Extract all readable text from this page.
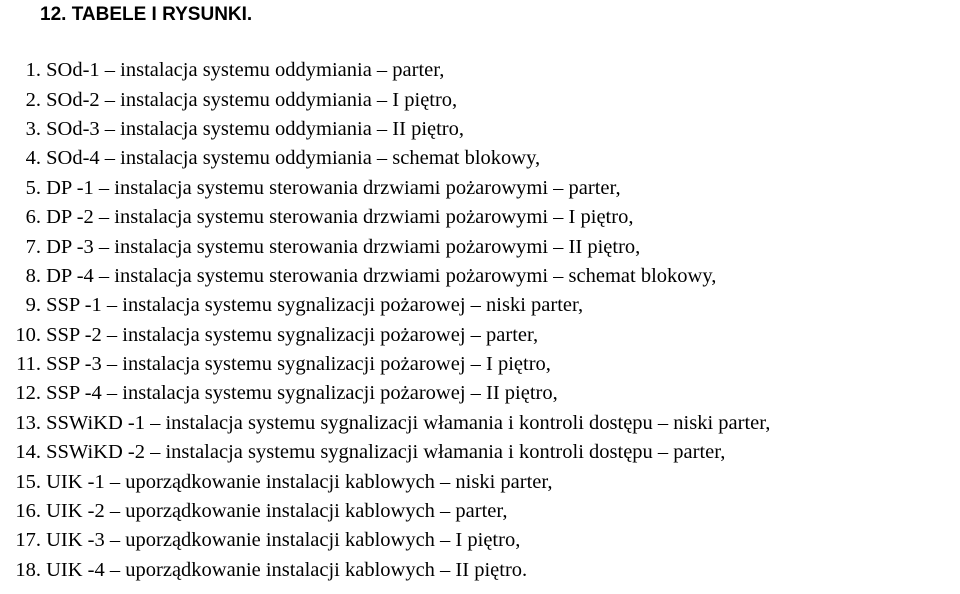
12. TABELE I RYSUNKI.
1.
SOd-1 – instalacja systemu oddymiania – parter,
2.
SOd-2 – instalacja systemu oddymiania – I piętro,
3.
SOd-3 – instalacja systemu oddymiania – II piętro,
4.
SOd-4 – instalacja systemu oddymiania – schemat blokowy,
5.
DP -1 – instalacja systemu sterowania drzwiami pożarowymi – parter,
6.
DP -2 – instalacja systemu sterowania drzwiami pożarowymi – I piętro,
7.
DP -3 – instalacja systemu sterowania drzwiami pożarowymi – II piętro,
8.
DP -4 – instalacja systemu sterowania drzwiami pożarowymi – schemat blokowy,
9.
SSP -1 – instalacja systemu sygnalizacji pożarowej – niski parter,
10.
SSP -2 – instalacja systemu sygnalizacji pożarowej – parter,
11.
SSP -3 – instalacja systemu sygnalizacji pożarowej – I piętro,
12.
SSP -4 – instalacja systemu sygnalizacji pożarowej – II piętro,
13.
SSWiKD -1 – instalacja systemu sygnalizacji włamania i kontroli dostępu – niski parter,
14.
SSWiKD -2 – instalacja systemu sygnalizacji włamania i kontroli dostępu – parter,
15.
UIK -1 – uporządkowanie instalacji kablowych – niski parter,
16.
UIK -2 – uporządkowanie instalacji kablowych – parter,
17.
UIK -3 – uporządkowanie instalacji kablowych – I piętro,
18.
UIK -4 – uporządkowanie instalacji kablowych – II piętro.
